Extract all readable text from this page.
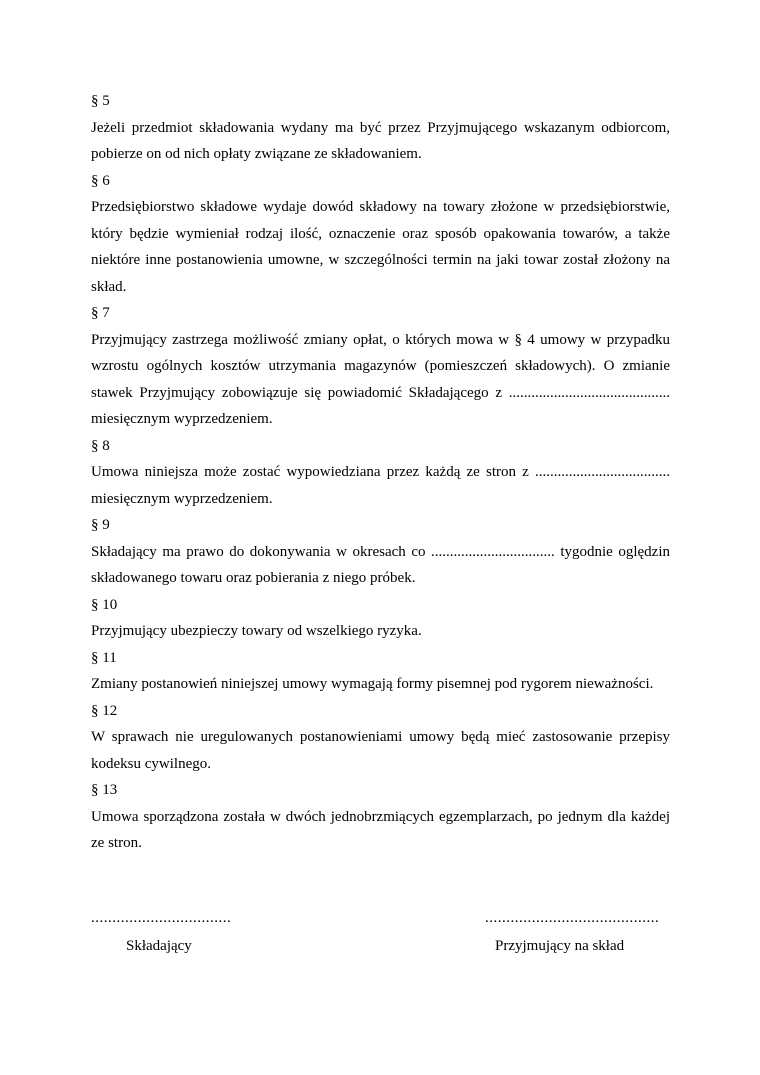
§ 5

Jeżeli przedmiot składowania wydany ma być przez Przyjmującego wskazanym odbiorcom, pobierze on od nich opłaty związane ze składowaniem.

§ 6

Przedsiębiorstwo składowe wydaje dowód składowy na towary złożone w przedsiębiorstwie, który będzie wymieniał rodzaj ilość, oznaczenie oraz sposób opakowania towarów, a także niektóre inne postanowienia umowne, w szczególności termin na jaki towar został złożony na skład.

§ 7

Przyjmujący zastrzega możliwość zmiany opłat, o których mowa w § 4 umowy w przypadku wzrostu ogólnych kosztów utrzymania magazynów (pomieszczeń składowych). O zmianie stawek Przyjmujący zobowiązuje się powiadomić Składającego z ........................................... miesięcznym wyprzedzeniem.

§ 8

Umowa niniejsza może zostać wypowiedziana przez każdą ze stron z .................................... miesięcznym wyprzedzeniem.

§ 9

Składający ma prawo do dokonywania w okresach co ................................. tygodnie oględzin składowanego towaru oraz pobierania z niego próbek.

§ 10

Przyjmujący ubezpieczy towary od wszelkiego ryzyka.

§ 11

Zmiany postanowień niniejszej umowy wymagają formy pisemnej pod rygorem nieważności.

§ 12

W sprawach nie uregulowanych postanowieniami umowy będą mieć zastosowanie przepisy kodeksu cywilnego.

§ 13

Umowa sporządzona została w dwóch jednobrzmiących egzemplarzach, po jednym dla każdej ze stron.

.................................
Składający
.........................................
Przyjmujący na skład
